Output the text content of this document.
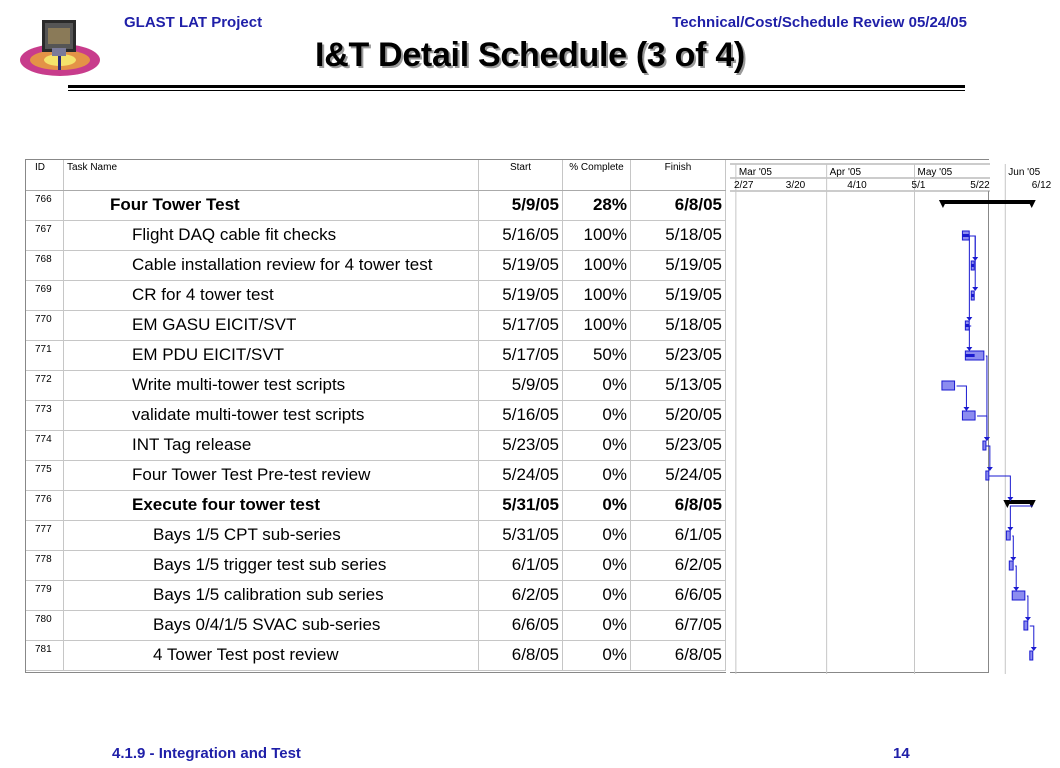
GLAST LAT Project	Technical/Cost/Schedule Review 05/24/05
I&T Detail Schedule (3 of 4)
ID	Task Name	Start	% Complete	Finish
766	Four Tower Test	5/9/05	28%	6/8/05
767	Flight DAQ cable fit checks	5/16/05	100%	5/18/05
768	Cable installation review for 4 tower test	5/19/05	100%	5/19/05
769	CR for 4 tower test	5/19/05	100%	5/19/05
770	EM GASU EICIT/SVT	5/17/05	100%	5/18/05
771	EM PDU EICIT/SVT	5/17/05	50%	5/23/05
772	Write multi-tower test scripts	5/9/05	0%	5/13/05
773	validate multi-tower test scripts	5/16/05	0%	5/20/05
774	INT Tag release	5/23/05	0%	5/23/05
775	Four Tower Test Pre-test review	5/24/05	0%	5/24/05
776	Execute four tower test	5/31/05	0%	6/8/05
777	Bays 1/5 CPT sub-series	5/31/05	0%	6/1/05
778	Bays 1/5 trigger test sub series	6/1/05	0%	6/2/05
779	Bays 1/5 calibration sub series	6/2/05	0%	6/6/05
780	Bays 0/4/1/5 SVAC sub-series	6/6/05	0%	6/7/05
781	4 Tower Test post review	6/8/05	0%	6/8/05
Mar '05	Apr '05	May '05	Jun '05
2/27	3/20	4/10	5/1	5/22	6/12
4.1.9 - Integration and Test	14
